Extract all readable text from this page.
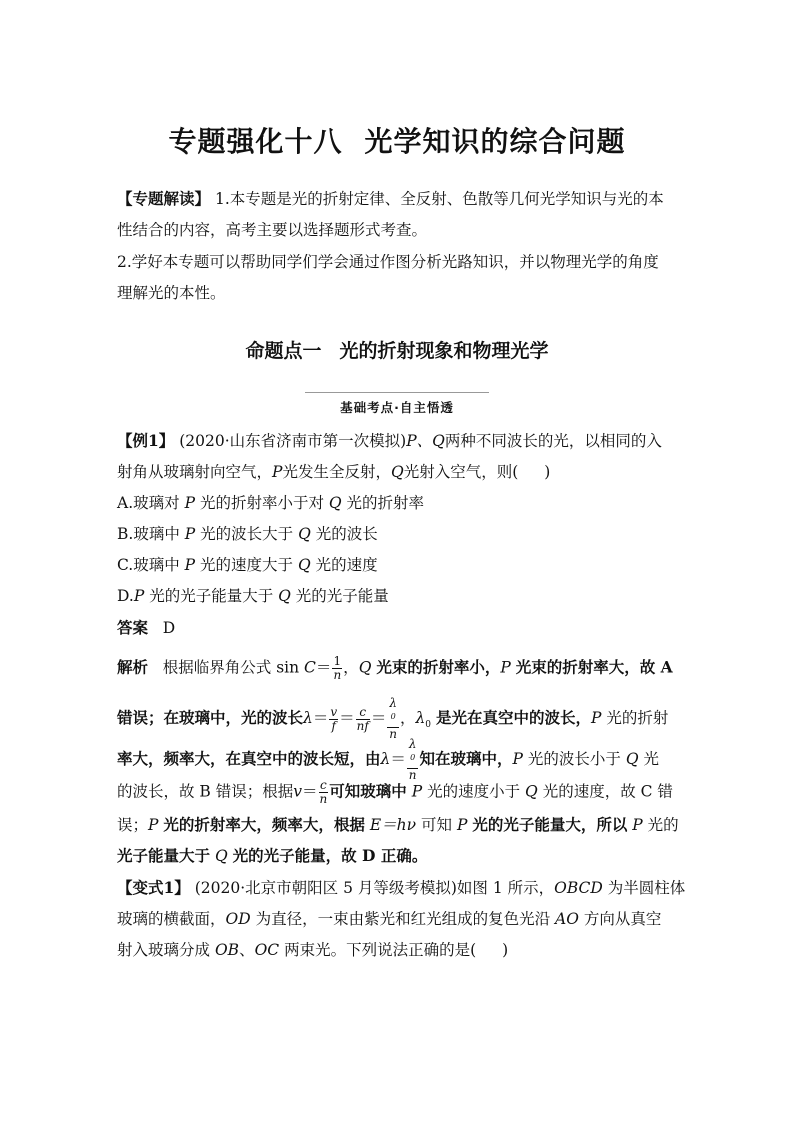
专题强化十八 光学知识的综合问题
【专题解读】 1.本专题是光的折射定律、全反射、色散等几何光学知识与光的本
性结合的内容，高考主要以选择题形式考查。
2.学好本专题可以帮助同学们学会通过作图分析光路知识，并以物理光学的角度
理解光的本性。
命题点一 光的折射现象和物理光学
基础考点·自主悟透
【例1】 (2020·山东省济南市第一次模拟)P、Q两种不同波长的光，以相同的入
射角从玻璃射向空气，P光发生全反射，Q光射入空气，则( )
A.玻璃对 P 光的折射率小于对 Q 光的折射率
B.玻璃中 P 光的波长大于 Q 光的波长
C.玻璃中 P 光的速度大于 Q 光的速度
D.P 光的光子能量大于 Q 光的光子能量
答案 D
解析 根据临界角公式 $\sin C= \frac{1}{n}$ ，Q 光束的折射率小，P 光束的折射率大，故 A
错误；在玻璃中，光的波长$\lambda= \frac{v}{f} = \frac{c}{nf} = \lambda$
$^0$
n ，$\lambda_0$ 是光在真空中的波长，P 光的折射
率大，频率大，在真空中的波长短，由λ＝ λ
$^0$
n 知在玻璃中，P 光的波长小于 Q 光
的波长，故 B 错误；根据$v= \frac{c}{n}$ 可知玻璃中 P 光的速度小于 Q 光的速度，故 C 错
误；P 光的折射率大，频率大，根据 E＝hν 可知 P 光的光子能量大，所以 P 光的
光子能量大于 Q 光的光子能量，故 D 正确。
【变式1】 (2020·北京市朝阳区 5 月等级考模拟)如图 1 所示，OBCD 为半圆柱体
玻璃的横截面，OD 为直径，一束由紫光和红光组成的复色光沿 AO 方向从真空
射入玻璃分成 OB、OC 两束光。下列说法正确的是( )
